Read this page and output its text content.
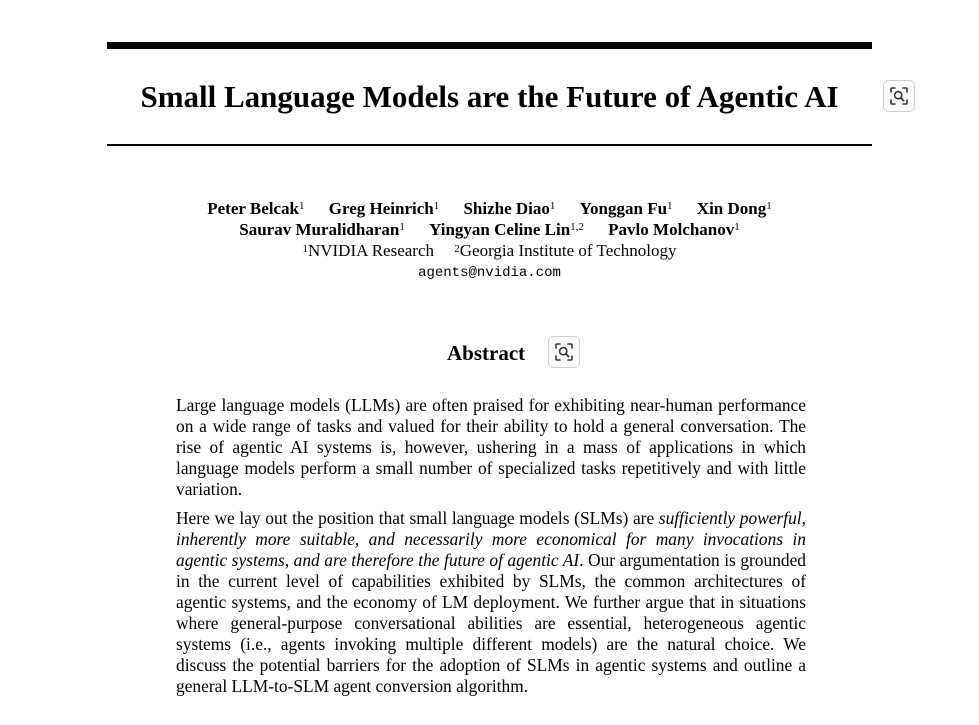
Small Language Models are the Future of Agentic AI
Peter Belcak$^1$ Greg Heinrich$^1$ Shizhe Diao$^1$ Yonggan Fu$^1$ Xin Dong$^1$
Saurav Muralidharan$^1$ Yingyan Celine Lin$^{1,2}$ Pavlo Molchanov$^1$
$^1$NVIDIA Research $^2$Georgia Institute of Technology
agents@nvidia.com
Abstract

Large language models (LLMs) are often praised for exhibiting near-human performance on a wide range of tasks and valued for their ability to hold a general conversation. The rise of agentic AI systems is, however, ushering in a mass of applications in which language models perform a small number of specialized tasks repetitively and with little variation.

Here we lay out the position that small language models (SLMs) are sufficiently powerful, inherently more suitable, and necessarily more economical for many invocations in agentic systems, and are therefore the future of agentic AI. Our argumentation is grounded in the current level of capabilities exhibited by SLMs, the common architectures of agentic systems, and the economy of LM deployment. We further argue that in situations where general-purpose conversational abilities are essential, heterogeneous agentic systems (i.e., agents invoking multiple different models) are the natural choice. We discuss the potential barriers for the adoption of SLMs in agentic systems and outline a general LLM-to-SLM agent conversion algorithm.
